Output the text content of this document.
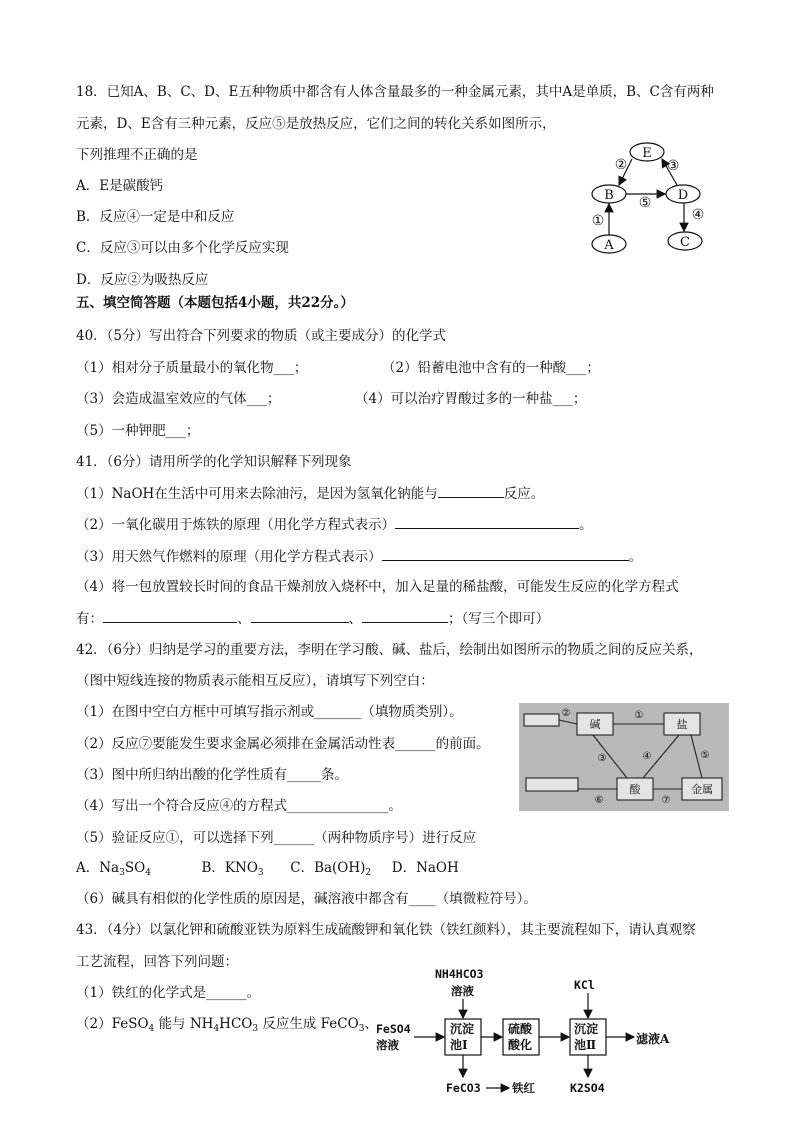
18．已知A、B、C、D、E五种物质中都含有人体含量最多的一种金属元素，其中A是单质，B、C含有两种
元素，D、E含有三种元素，反应⑤是放热反应，它们之间的转化关系如图所示，
下列推理不正确的是
A．E是碳酸钙
B．反应④一定是中和反应
C．反应③可以由多个化学反应实现
D．反应②为吸热反应
E
B	D
A	C
②	③
⑤
①	④
五、填空简答题（本题包括4小题，共22分。）
40．（5分）写出符合下列要求的物质（或主要成分）的化学式
（1）相对分子质量最小的氧化物___；	（2）铅蓄电池中含有的一种酸___；
（3）会造成温室效应的气体___；	（4）可以治疗胃酸过多的一种盐___；
（5）一种钾肥___；
41．（6分）请用所学的化学知识解释下列现象
（1）NaOH在生活中可用来去除油污，是因为氢氧化钠能与	反应。
（2）一氧化碳用于炼铁的原理（用化学方程式表示）	。
（3）用天然气作燃料的原理（用化学方程式表示）	。
（4）将一包放置较长时间的食品干燥剂放入烧杯中，加入足量的稀盐酸，可能发生反应的化学方程式
有：	、	、	；（写三个即可）
42．（6分）归纳是学习的重要方法，李明在学习酸、碱、盐后，绘制出如图所示的物质之间的反应关系，
（图中短线连接的物质表示能相互反应），请填写下列空白：
（1）在图中空白方框中可填写指示剂或_______（填物质类别）。
（2）反应⑦要能发生要求金属必须排在金属活动性表______的前面。
（3）图中所归纳出酸的化学性质有_____条。
（4）写出一个符合反应④的方程式_______________。
（5）验证反应①，可以选择下列______（两种物质序号）进行反应
A．$Na_3SO_4$	B．$KNO_3$ C．$Ba(OH)_2$ D．NaOH
（6）碱具有相似的化学性质的原因是，碱溶液中都含有____（填微粒符号）。
碱	盐
酸	金属
②	①
③	④	⑤
⑥	⑦
43．（4分）以氯化钾和硫酸亚铁为原料生成硫酸钾和氧化铁（铁红颜料），其主要流程如下，请认真观察
工艺流程，回答下列问题：
（1）铁红的化学式是______。
（2）FeSO$_4$ 能与 $NH_4HCO_3$ 反应生成 FeCO$_3$、
NH4HCO3
溶液	KCl
FeSO4
溶液
沉淀
池Ⅰ
硫酸
酸化
沉淀
池Ⅱ	滤液A
FeCO3	铁红	K2SO4
